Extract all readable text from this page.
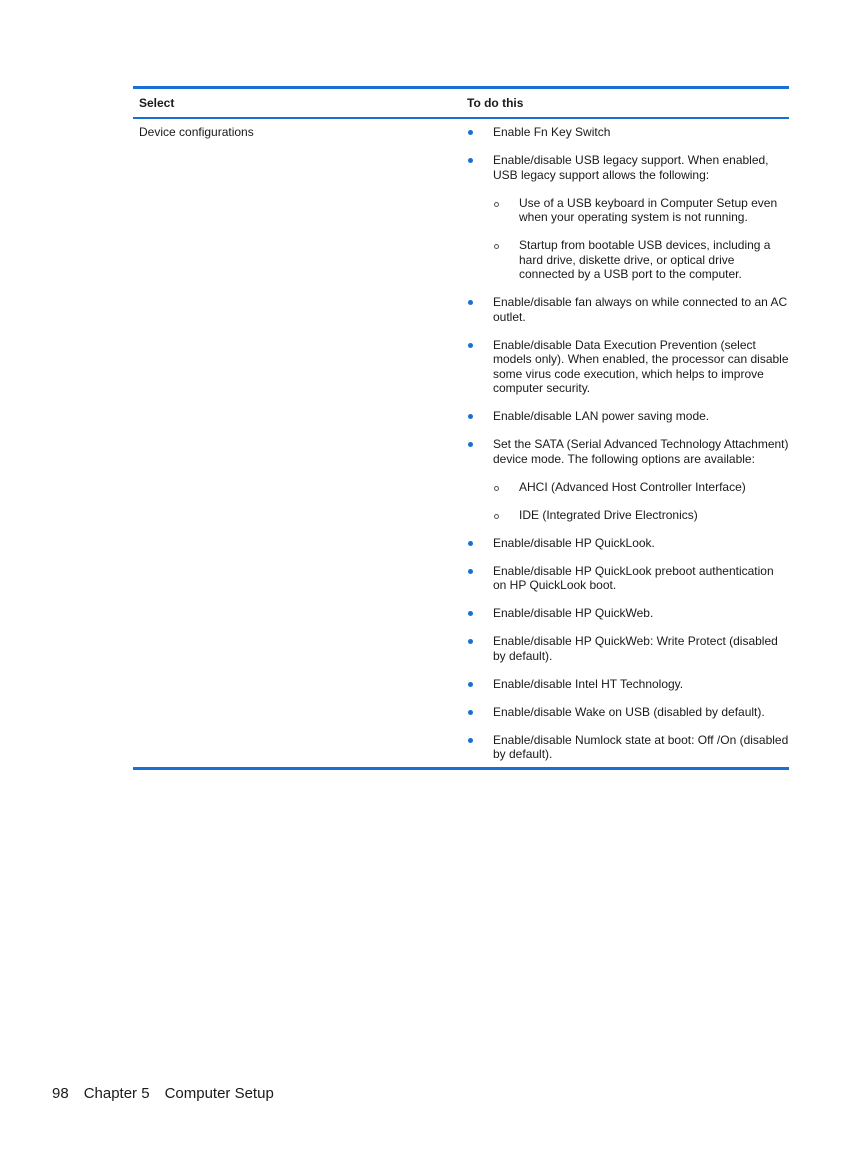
Select	To do this
Device configurations	Enable Fn Key Switch
Enable/disable USB legacy support. When enabled, USB legacy support allows the following:
Use of a USB keyboard in Computer Setup even when your operating system is not running.
Startup from bootable USB devices, including a hard drive, diskette drive, or optical drive connected by a USB port to the computer.
Enable/disable fan always on while connected to an AC outlet.
Enable/disable Data Execution Prevention (select models only). When enabled, the processor can disable some virus code execution, which helps to improve computer security.
Enable/disable LAN power saving mode.
Set the SATA (Serial Advanced Technology Attachment) device mode. The following options are available:
AHCI (Advanced Host Controller Interface)
IDE (Integrated Drive Electronics)
Enable/disable HP QuickLook.
Enable/disable HP QuickLook preboot authentication on HP QuickLook boot.
Enable/disable HP QuickWeb.
Enable/disable HP QuickWeb: Write Protect (disabled by default).
Enable/disable Intel HT Technology.
Enable/disable Wake on USB (disabled by default).
Enable/disable Numlock state at boot: Off /On (disabled by default).
98 Chapter 5 Computer Setup
